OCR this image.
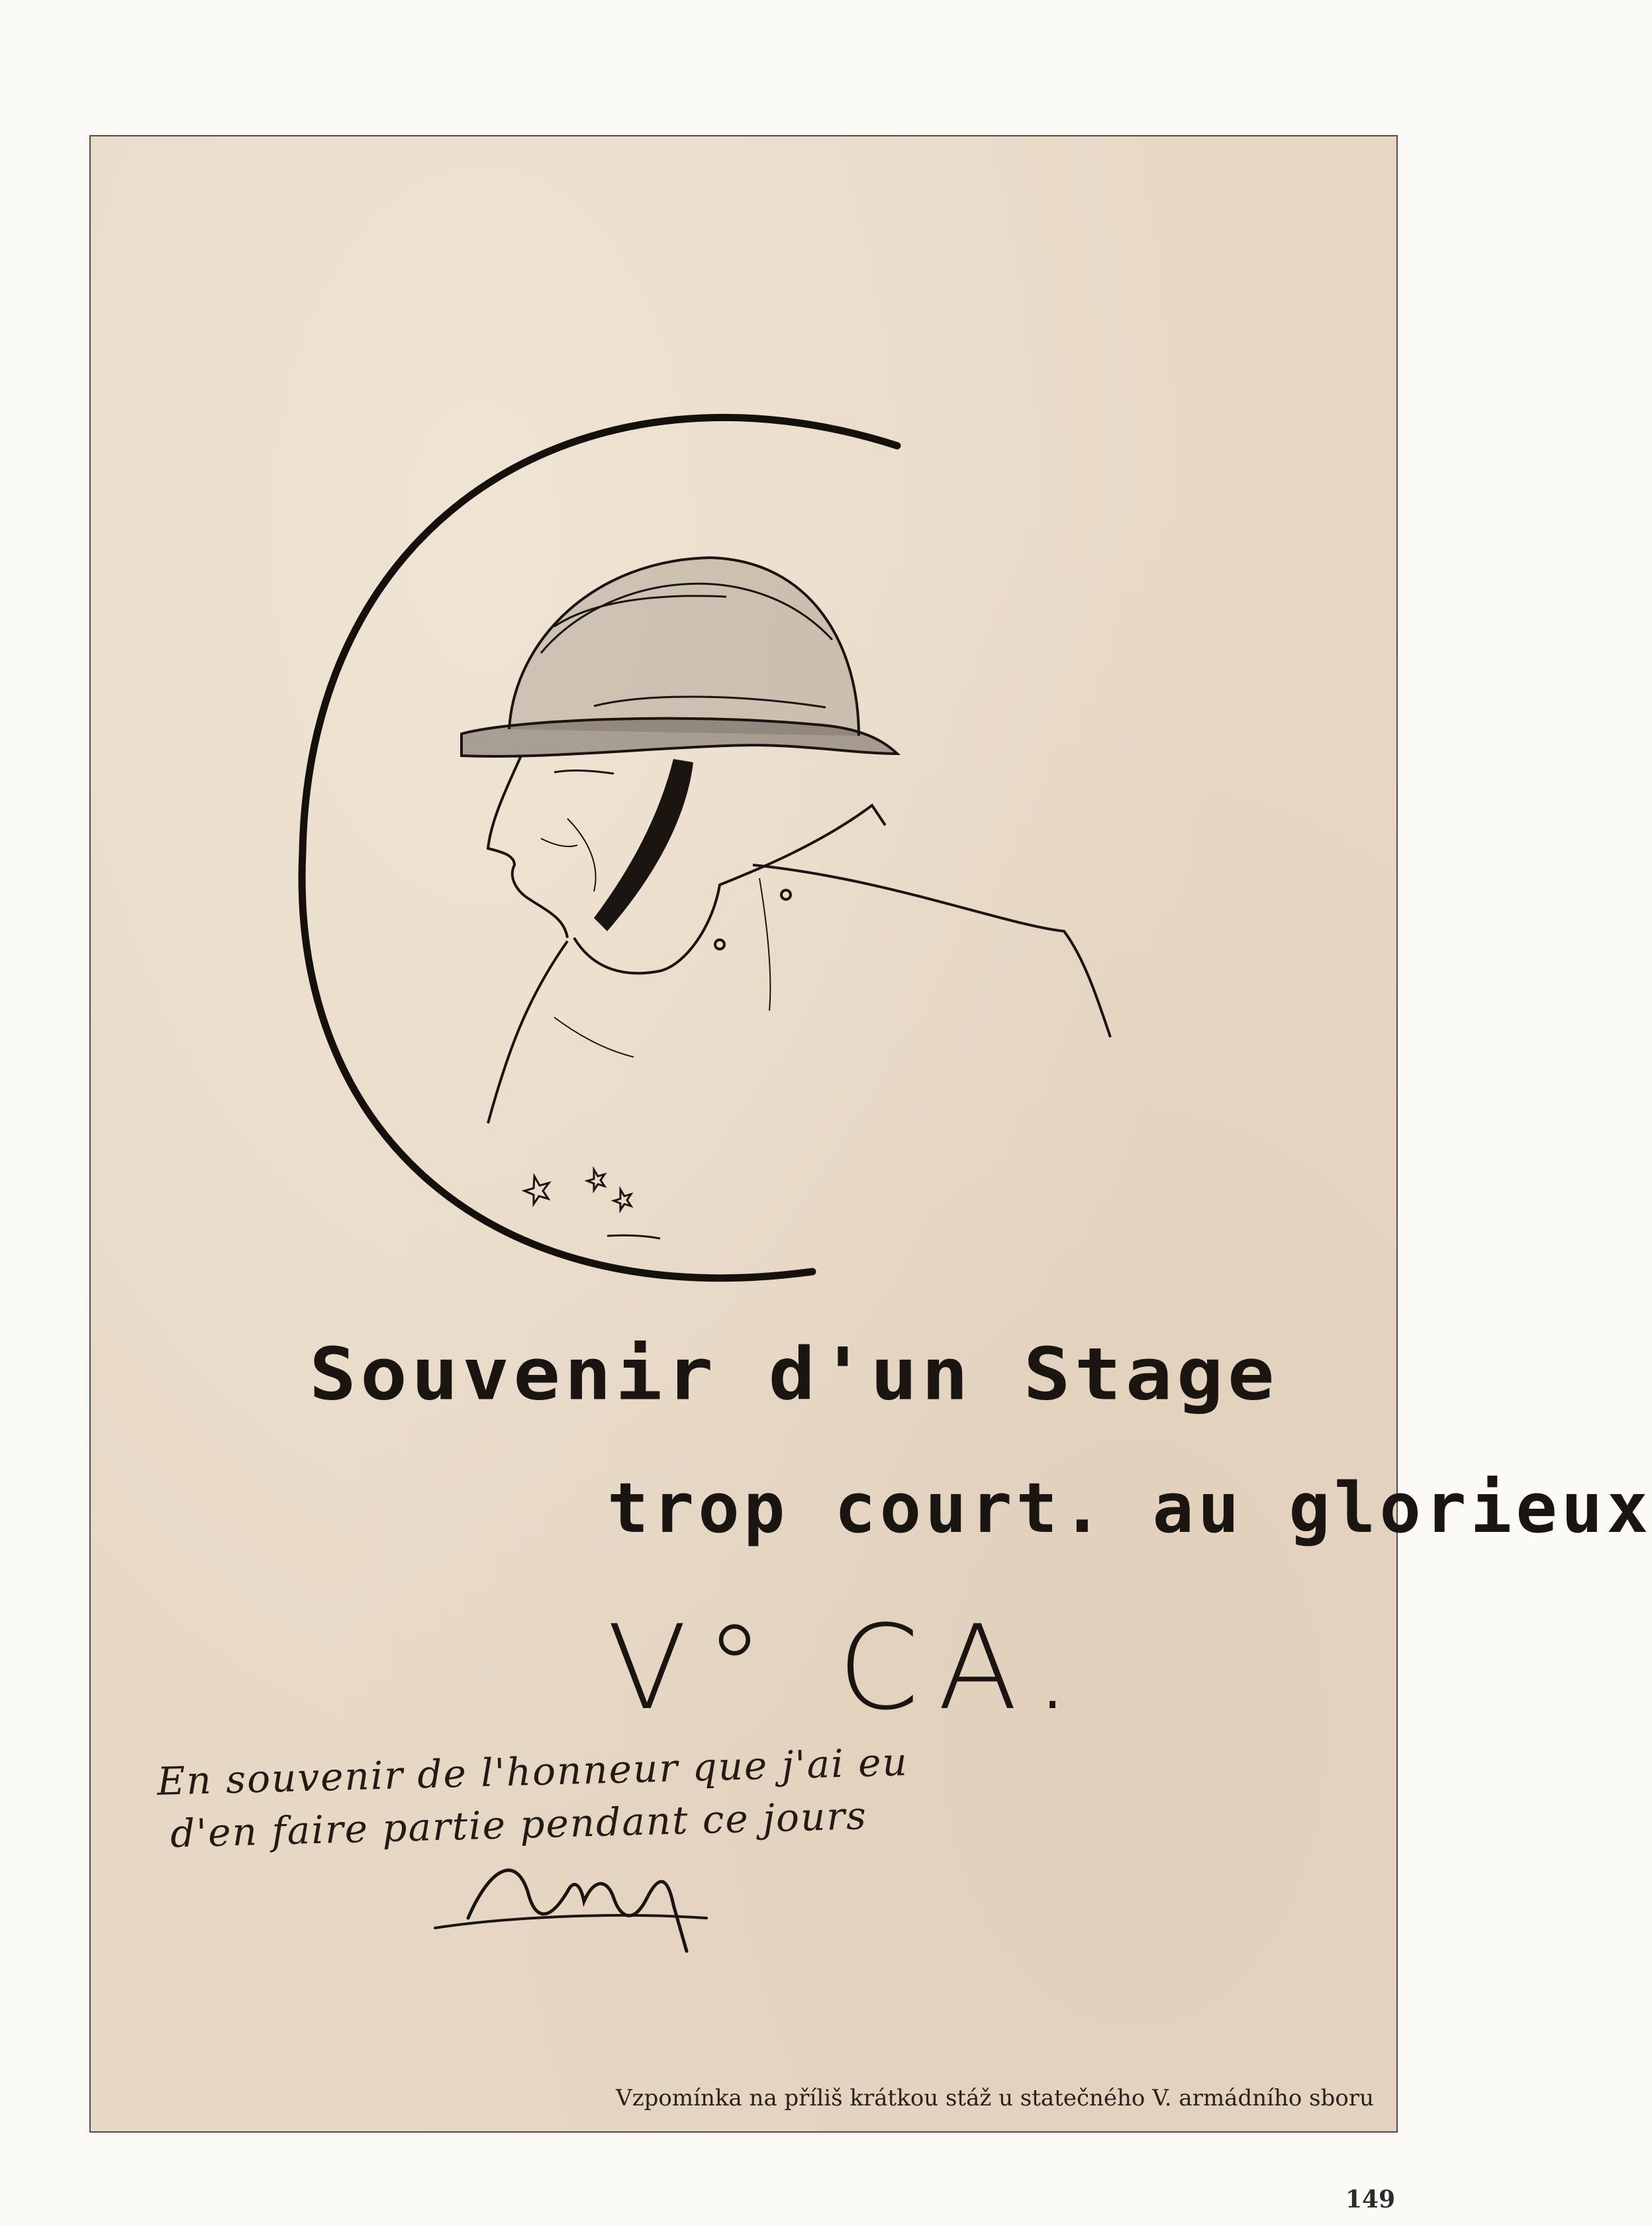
Souvenir d'un Stage

trop court. au glorieux

V° CA.

En souvenir de l'honneur que j'ai eu

d'en faire partie pendant ce jours

Vzpomínka na příliš krátkou stáž u statečného V. armádního sboru

149
